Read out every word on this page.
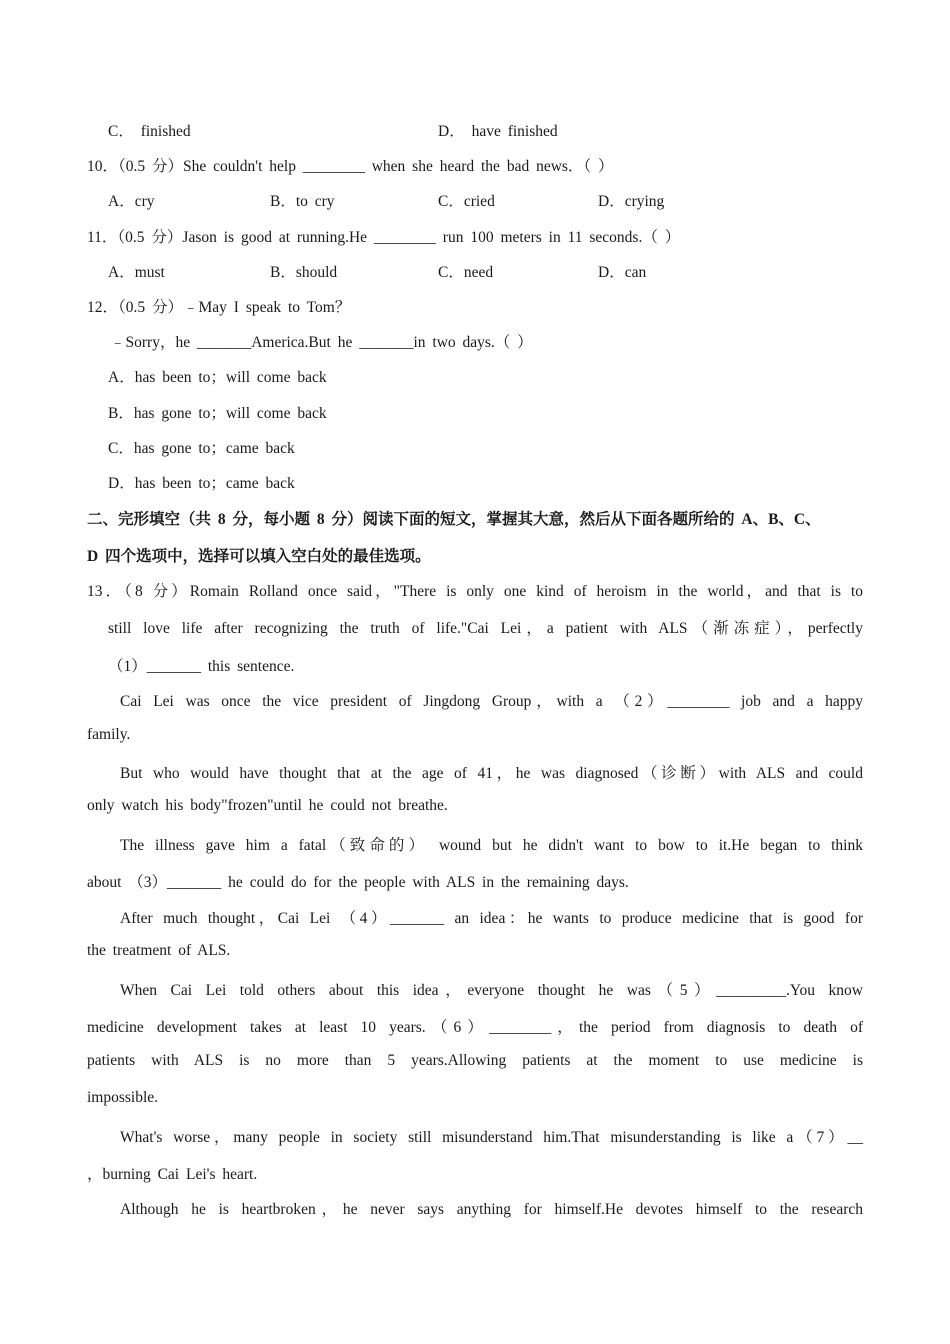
C． finished	D． have finished
10．（0.5 分）She couldn't help ________ when she heard the bad news．（ ）
A．cry	B．to cry	C．cried	D．crying
11．（0.5 分）Jason is good at running.He ________ run 100 meters in 11 seconds.（ ）
A．must	B．should	C．need	D．can
12．（0.5 分）﹣May I speak to Tom？
﹣Sorry，he _______America.But he _______in two days.（ ）
A．has been to；will come back
B．has gone to；will come back
C．has gone to；came back
D．has been to；came back
二、完形填空（共 8 分，每小题 8 分）阅读下面的短文，掌握其大意，然后从下面各题所给的 A、B、C、
D 四个选项中，选择可以填入空白处的最佳选项。
13．（8 分）Romain Rolland once said，"There is only one kind of heroism in the world，and that is to
still love life after recognizing the truth of life."Cai Lei，a patient with ALS（渐冻症），perfectly
（1）_______ this sentence.
Cai Lei was once the vice president of Jingdong Group，with a （2）________ job and a happy
family.
But who would have thought that at the age of 41，he was diagnosed（诊断）with ALS and could
only watch his body"frozen"until he could not breathe.
The illness gave him a fatal（致命的） wound but he didn't want to bow to it.He began to think
about （3）_______ he could do for the people with ALS in the remaining days.
After much thought，Cai Lei （4）_______ an idea：he wants to produce medicine that is good for
the treatment of ALS.
When Cai Lei told others about this idea，everyone thought he was（5）_________.You know
medicine development takes at least 10 years.（6）________，the period from diagnosis to death of
patients with ALS is no more than 5 years.Allowing patients at the moment to use medicine is
impossible.
What's worse，many people in society still misunderstand him.That misunderstanding is like a（7）__
，burning Cai Lei's heart.
Although he is heartbroken，he never says anything for himself.He devotes himself to the research
